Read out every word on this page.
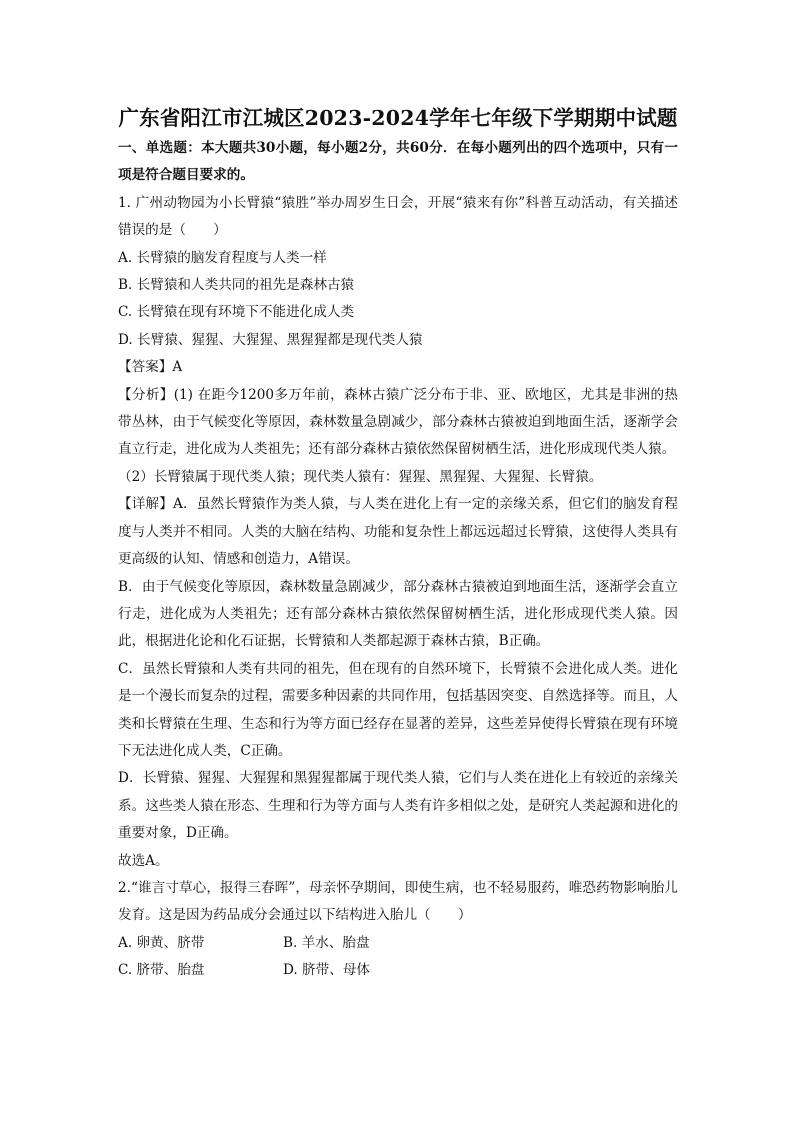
广东省阳江市江城区2023-2024学年七年级下学期期中试题

一、单选题：本大题共30小题，每小题2分，共60分．在每小题列出的四个选项中，只有一项是符合题目要求的。

1. 广州动物园为小长臂猿“猿胜”举办周岁生日会，开展“猿来有你”科普互动活动，有关描述错误的是（　　）

A. 长臂猿的脑发育程度与人类一样

B. 长臂猿和人类共同的祖先是森林古猿

C. 长臂猿在现有环境下不能进化成人类

D. 长臂猿、猩猩、大猩猩、黑猩猩都是现代类人猿

【答案】A

【分析】(1) 在距今1200多万年前，森林古猿广泛分布于非、亚、欧地区，尤其是非洲的热带丛林，由于气候变化等原因，森林数量急剧减少，部分森林古猿被迫到地面生活，逐渐学会直立行走，进化成为人类祖先；还有部分森林古猿依然保留树栖生活，进化形成现代类人猿。

（2）长臂猿属于现代类人猿；现代类人猿有：猩猩、黑猩猩、大猩猩、长臂猿。

【详解】A．虽然长臂猿作为类人猿，与人类在进化上有一定的亲缘关系，但它们的脑发育程度与人类并不相同。人类的大脑在结构、功能和复杂性上都远远超过长臂猿，这使得人类具有更高级的认知、情感和创造力，A错误。

B．由于气候变化等原因，森林数量急剧减少，部分森林古猿被迫到地面生活，逐渐学会直立行走，进化成为人类祖先；还有部分森林古猿依然保留树栖生活，进化形成现代类人猿。因此，根据进化论和化石证据，长臂猿和人类都起源于森林古猿，B正确。

C．虽然长臂猿和人类有共同的祖先，但在现有的自然环境下，长臂猿不会进化成人类。进化是一个漫长而复杂的过程，需要多种因素的共同作用，包括基因突变、自然选择等。而且，人类和长臂猿在生理、生态和行为等方面已经存在显著的差异，这些差异使得长臂猿在现有环境下无法进化成人类，C正确。

D．长臂猿、猩猩、大猩猩和黑猩猩都属于现代类人猿，它们与人类在进化上有较近的亲缘关系。这些类人猿在形态、生理和行为等方面与人类有许多相似之处，是研究人类起源和进化的重要对象，D正确。

故选A。

2.“谁言寸草心，报得三春晖”，母亲怀孕期间，即使生病，也不轻易服药，唯恐药物影响胎儿发育。这是因为药品成分会通过以下结构进入胎儿（　　）

A. 卵黄、脐带	B. 羊水、胎盘
C. 脐带、胎盘	D. 脐带、母体
